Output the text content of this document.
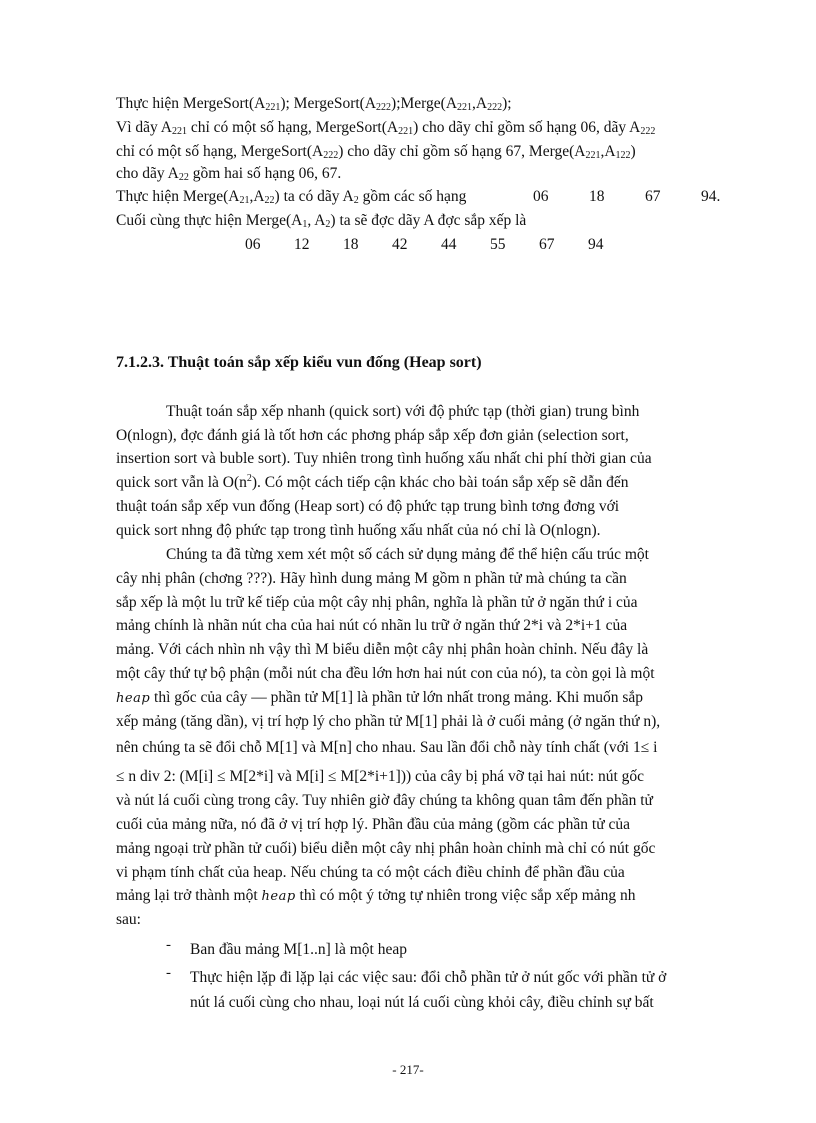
Thực hiện $MergeSort(A_{221})$; $MergeSort(A_{222});Merge(A_{221},A_{222})$;
Vì dãy $A_{221}$ chỉ có một số hạng, $MergeSort(A_{221})$ cho dãy chỉ gồm số hạng 06, dãy $A_{222}$
chỉ có một số hạng, $MergeSort(A_{222})$ cho dãy chỉ gồm số hạng 67, $Merge(A_{221},A_{122})$
cho dãy $A_{22}$ gồm hai số hạng 06, 67.
Thực hiện $Merge(A_{21},A_{22})$ ta có dãy $A_2$ gồm các số hạng	06	18	67	94.
Cuối cùng thực hiện $Merge(A_1$, $A_2$) ta sẽ đợc dãy A đợc sắp xếp là
06 12 18 42 44 55 67 94
7.1.2.3. Thuật toán sắp xếp kiểu vun đống (Heap sort)
Thuật toán sắp xếp nhanh (quick sort) với độ phức tạp (thời gian) trung bình
O(nlogn), đợc đánh giá là tốt hơn các phơng pháp sắp xếp đơn giản (selection sort,
insertion sort và buble sort). Tuy nhiên trong tình huống xấu nhất chi phí thời gian của
quick sort vẫn là $O(n^2)$. Có một cách tiếp cận khác cho bài toán sắp xếp sẽ dẫn đến
thuật toán sắp xếp vun đống (Heap sort) có độ phức tạp trung bình tơng đơng với
quick sort nhng độ phức tạp trong tình huống xấu nhất của nó chỉ là O(nlogn).
Chúng ta đã từng xem xét một số cách sử dụng mảng để thể hiện cấu trúc một
cây nhị phân (chơng ???). Hãy hình dung mảng M gồm n phần tử mà chúng ta cần
sắp xếp là một lu trữ kế tiếp của một cây nhị phân, nghĩa là phần tử ở ngăn thứ i của
mảng chính là nhãn nút cha của hai nút có nhãn lu trữ ở ngăn thứ 2*i và 2*i+1 của
mảng. Với cách nhìn nh vậy thì M biểu diễn một cây nhị phân hoàn chỉnh. Nếu đây là
một cây thứ tự bộ phận (mỗi nút cha đều lớn hơn hai nút con của nó), ta còn gọi là một
heap thì gốc của cây — phần tử M[1] là phần tử lớn nhất trong mảng. Khi muốn sắp
xếp mảng (tăng dần), vị trí hợp lý cho phần tử M[1] phải là ở cuối mảng (ở ngăn thứ n),
nên chúng ta sẽ đổi chỗ M[1] và M[n] cho nhau. Sau lần đổi chỗ này tính chất (với 1≤ i
≤ n div 2: (M[i] ≤ M[2*i] và M[i] ≤ M[2*i+1])) của cây bị phá vỡ tại hai nút: nút gốc
và nút lá cuối cùng trong cây. Tuy nhiên giờ đây chúng ta không quan tâm đến phần tử
cuối của mảng nữa, nó đã ở vị trí hợp lý. Phần đầu của mảng (gồm các phần tử của
mảng ngoại trừ phần tử cuối) biểu diễn một cây nhị phân hoàn chỉnh mà chỉ có nút gốc
vi phạm tính chất của heap. Nếu chúng ta có một cách điều chỉnh để phần đầu của
mảng lại trở thành một heap thì có một ý tởng tự nhiên trong việc sắp xếp mảng nh
sau:
- Ban đầu mảng M[1..n] là một heap
- Thực hiện lặp đi lặp lại các việc sau: đổi chỗ phần tử ở nút gốc với phần tử ở
nút lá cuối cùng cho nhau, loại nút lá cuối cùng khỏi cây, điều chỉnh sự bất
- 217-
